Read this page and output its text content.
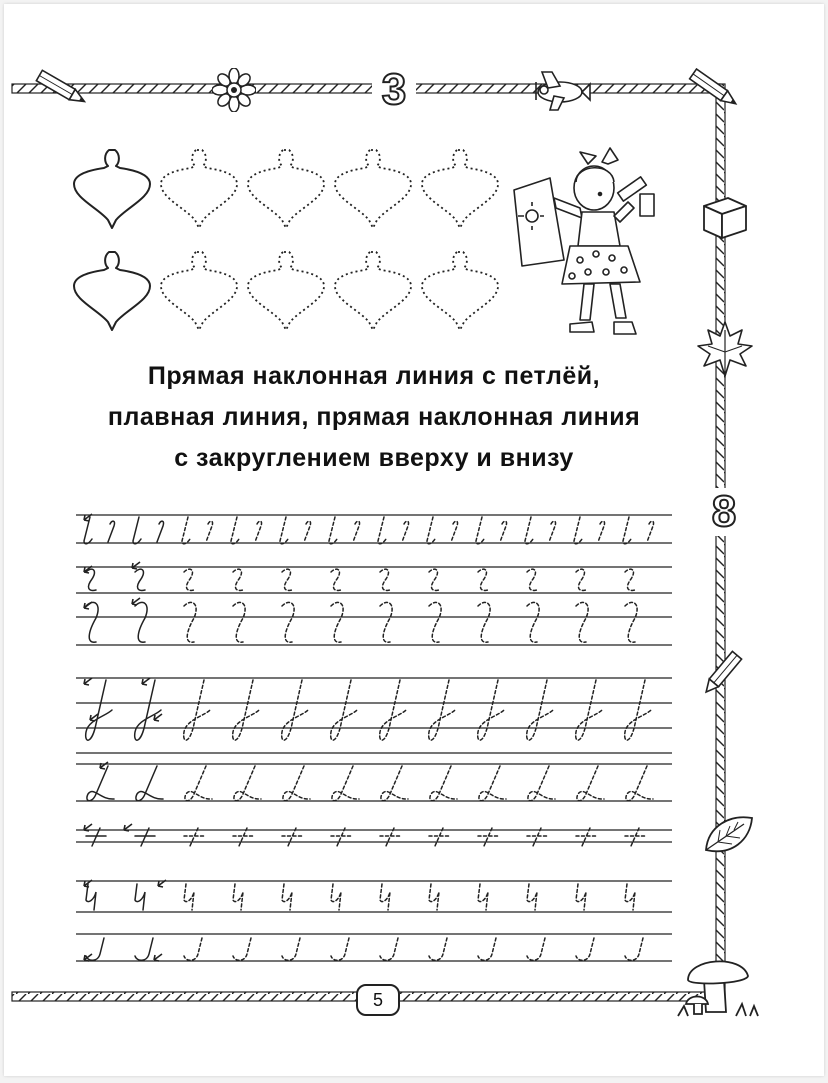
3
8
Прямая наклонная линия с петлёй,
плавная линия, прямая наклонная линия
с закруглением вверху и внизу
5
